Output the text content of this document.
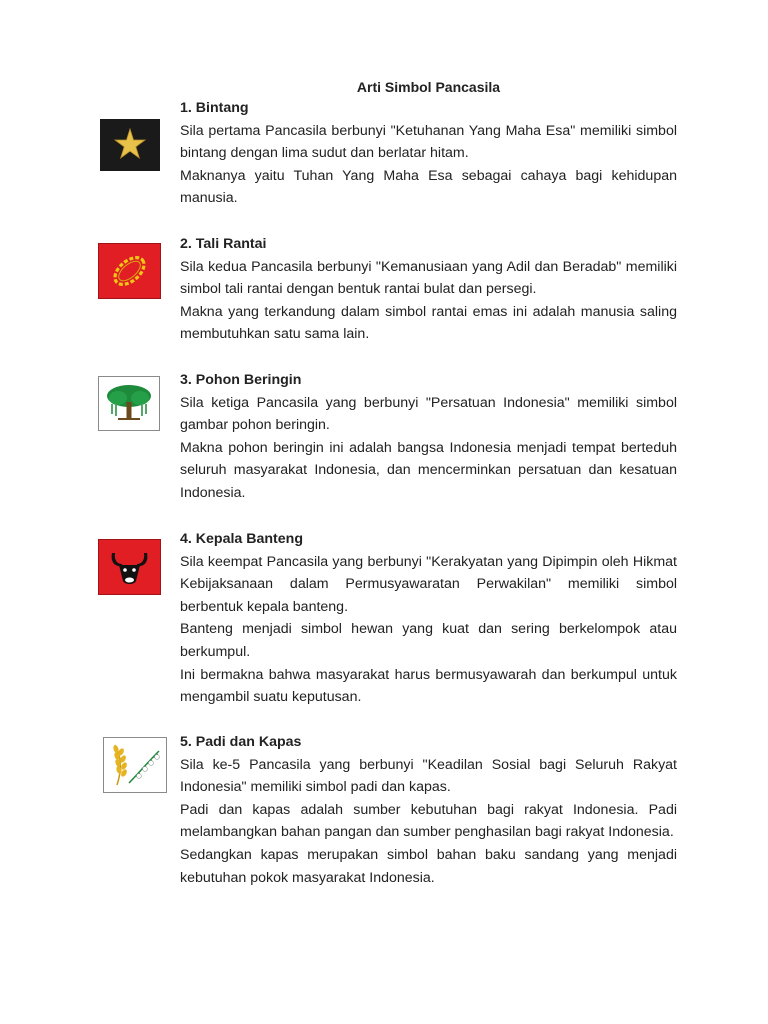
Arti Simbol Pancasila
1. Bintang

Sila pertama Pancasila berbunyi "Ketuhanan Yang Maha Esa" memiliki simbol bintang dengan lima sudut dan berlatar hitam.

Maknanya yaitu Tuhan Yang Maha Esa sebagai cahaya bagi kehidupan manusia.

2. Tali Rantai

Sila kedua Pancasila berbunyi "Kemanusiaan yang Adil dan Beradab" memiliki simbol tali rantai dengan bentuk rantai bulat dan persegi.

Makna yang terkandung dalam simbol rantai emas ini adalah manusia saling membutuhkan satu sama lain.

3. Pohon Beringin

Sila ketiga Pancasila yang berbunyi "Persatuan Indonesia" memiliki simbol gambar pohon beringin.

Makna pohon beringin ini adalah bangsa Indonesia menjadi tempat berteduh seluruh masyarakat Indonesia, dan mencerminkan persatuan dan kesatuan Indonesia.

4. Kepala Banteng

Sila keempat Pancasila yang berbunyi "Kerakyatan yang Dipimpin oleh Hikmat Kebijaksanaan dalam Permusyawaratan Perwakilan" memiliki simbol berbentuk kepala banteng.

Banteng menjadi simbol hewan yang kuat dan sering berkelompok atau berkumpul.

Ini bermakna bahwa masyarakat harus bermusyawarah dan berkumpul untuk mengambil suatu keputusan.

5. Padi dan Kapas

Sila ke-5 Pancasila yang berbunyi "Keadilan Sosial bagi Seluruh Rakyat Indonesia" memiliki simbol padi dan kapas.

Padi dan kapas adalah sumber kebutuhan bagi rakyat Indonesia. Padi melambangkan bahan pangan dan sumber penghasilan bagi rakyat Indonesia.

Sedangkan kapas merupakan simbol bahan baku sandang yang menjadi kebutuhan pokok masyarakat Indonesia.
